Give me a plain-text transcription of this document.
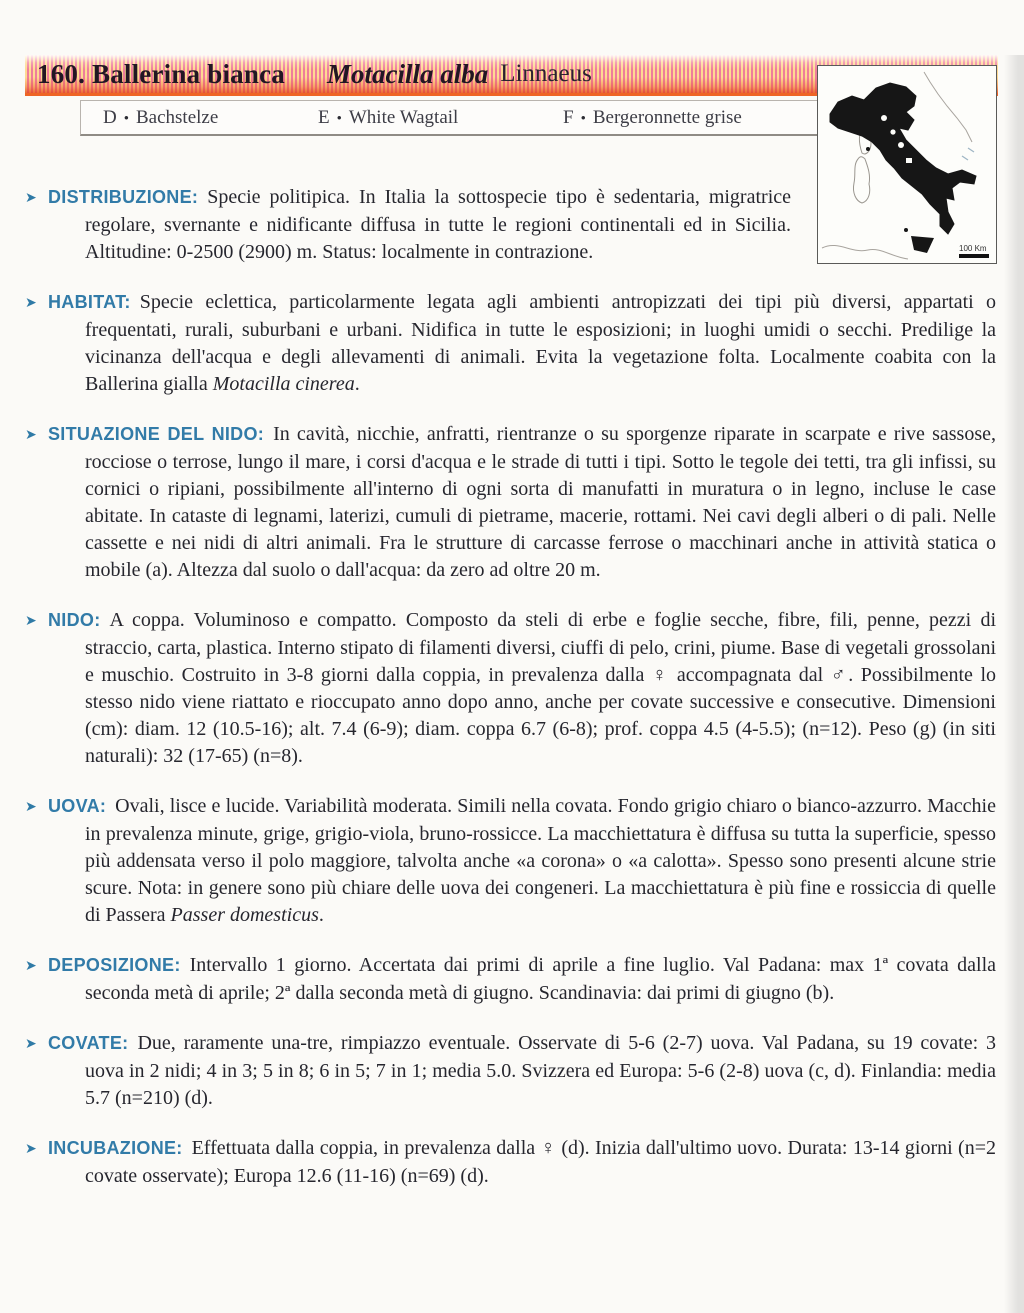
160. Ballerina bianca Motacilla alba Linnaeus
D • Bachstelze	E • White Wagtail	F • Bergeronnette grise
100 Km

➤ DISTRIBUZIONE: Specie politipica. In Italia la sottospecie tipo è sedentaria, migratrice regolare, svernante e nidificante diffusa in tutte le regioni continentali ed in Sicilia. Altitudine: 0-2500 (2900) m. Status: localmente in contrazione.

➤ HABITAT: Specie eclettica, particolarmente legata agli ambienti antropizzati dei tipi più diversi, appartati o frequentati, rurali, suburbani e urbani. Nidifica in tutte le esposizioni; in luoghi umidi o secchi. Predilige la vicinanza dell'acqua e degli allevamenti di animali. Evita la vegetazione folta. Localmente coabita con la Ballerina gialla Motacilla cinerea.

➤ SITUAZIONE DEL NIDO: In cavità, nicchie, anfratti, rientranze o su sporgenze riparate in scarpate e rive sassose, rocciose o terrose, lungo il mare, i corsi d'acqua e le strade di tutti i tipi. Sotto le tegole dei tetti, tra gli infissi, su cornici o ripiani, possibilmente all'interno di ogni sorta di manufatti in muratura o in legno, incluse le case abitate. In cataste di legnami, laterizi, cumuli di pietrame, macerie, rottami. Nei cavi degli alberi o di pali. Nelle cassette e nei nidi di altri animali. Fra le strutture di carcasse ferrose o macchinari anche in attività statica o mobile (a). Altezza dal suolo o dall'acqua: da zero ad oltre 20 m.

➤ NIDO: A coppa. Voluminoso e compatto. Composto da steli di erbe e foglie secche, fibre, fili, penne, pezzi di straccio, carta, plastica. Interno stipato di filamenti diversi, ciuffi di pelo, crini, piume. Base di vegetali grossolani e muschio. Costruito in 3-8 giorni dalla coppia, in prevalenza dalla ♀ accompagnata dal ♂. Possibilmente lo stesso nido viene riattato e rioccupato anno dopo anno, anche per covate successive e consecutive. Dimensioni (cm): diam. 12 (10.5-16); alt. 7.4 (6-9); diam. coppa 6.7 (6-8); prof. coppa 4.5 (4-5.5); (n=12). Peso (g) (in siti naturali): 32 (17-65) (n=8).

➤ UOVA: Ovali, lisce e lucide. Variabilità moderata. Simili nella covata. Fondo grigio chiaro o bianco-azzurro. Macchie in prevalenza minute, grige, grigio-viola, bruno-rossicce. La macchiettatura è diffusa su tutta la superficie, spesso più addensata verso il polo maggiore, talvolta anche «a corona» o «a calotta». Spesso sono presenti alcune strie scure. Nota: in genere sono più chiare delle uova dei congeneri. La macchiettatura è più fine e rossiccia di quelle di Passera Passer domesticus.

➤ DEPOSIZIONE: Intervallo 1 giorno. Accertata dai primi di aprile a fine luglio. Val Padana: max 1ª covata dalla seconda metà di aprile; 2ª dalla seconda metà di giugno. Scandinavia: dai primi di giugno (b).

➤ COVATE: Due, raramente una-tre, rimpiazzo eventuale. Osservate di 5-6 (2-7) uova. Val Padana, su 19 covate: 3 uova in 2 nidi; 4 in 3; 5 in 8; 6 in 5; 7 in 1; media 5.0. Svizzera ed Europa: 5-6 (2-8) uova (c, d). Finlandia: media 5.7 (n=210) (d).

➤ INCUBAZIONE: Effettuata dalla coppia, in prevalenza dalla ♀ (d). Inizia dall'ultimo uovo. Durata: 13-14 giorni (n=2 covate osservate); Europa 12.6 (11-16) (n=69) (d).
